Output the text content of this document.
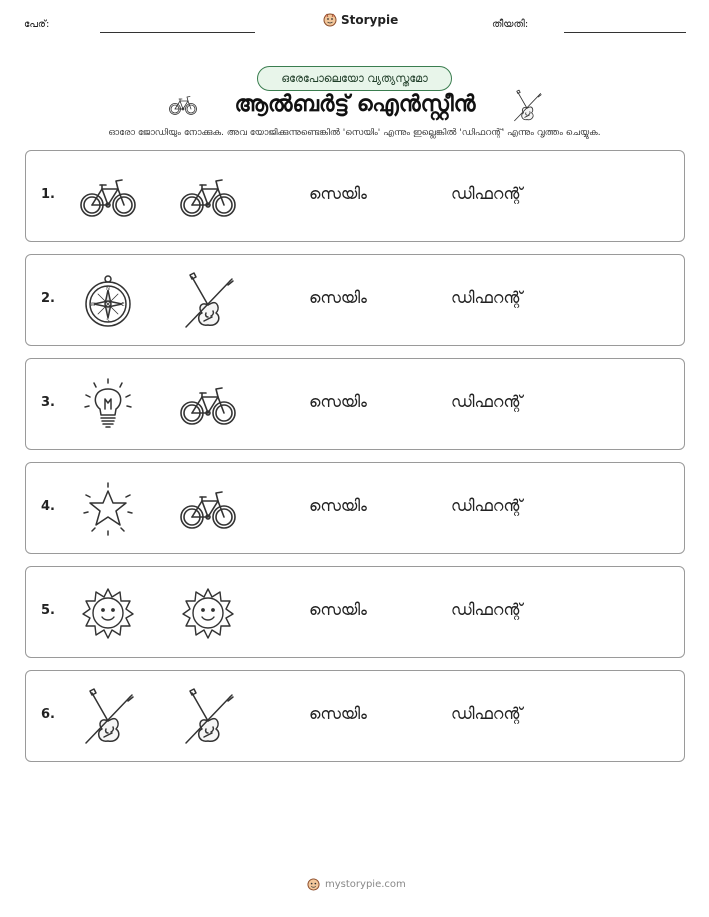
പേര്:	Storypie	തീയതി:
ഒരേപോലെയോ വ്യത്യസ്തമോ
ആൽബർട്ട് ഐൻസ്റ്റീൻ
ഓരോ ജോഡിയും നോക്കുക. അവ യോജിക്കുന്നുണ്ടെങ്കിൽ 'സെയിം' എന്നും ഇല്ലെങ്കിൽ 'ഡിഫറന്റ്' എന്നും വൃത്തം ചെയ്യുക.
1.	സെയിം	ഡിഫറന്റ്
2.	സെയിം	ഡിഫറന്റ്
3.	സെയിം	ഡിഫറന്റ്
4.	സെയിം	ഡിഫറന്റ്
5.	സെയിം	ഡിഫറന്റ്
6.	സെയിം	ഡിഫറന്റ്
mystorypie.com
